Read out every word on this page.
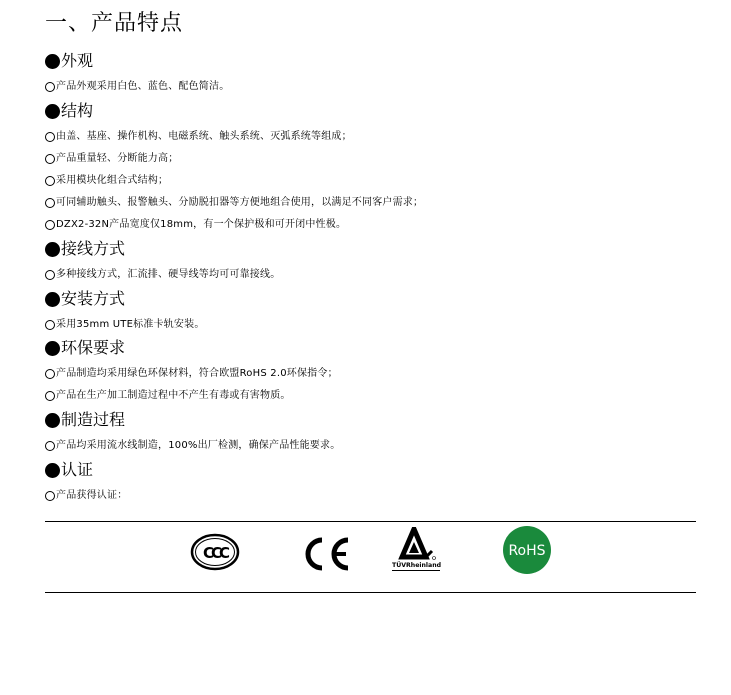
一、产品特点
外观
产品外观采用白色、蓝色、配色简洁。
结构
由盖、基座、操作机构、电磁系统、触头系统、灭弧系统等组成；
产品重量轻、分断能力高；
采用模块化组合式结构；
可同辅助触头、报警触头、分励脱扣器等方便地组合使用，以满足不同客户需求；
DZX2-32N产品宽度仅18mm，有一个保护极和可开闭中性极。
接线方式
多种接线方式，汇流排、硬导线等均可可靠接线。
安装方式
采用35mm UTE标准卡轨安装。
环保要求
产品制造均采用绿色环保材料，符合欧盟RoHS 2.0环保指令；
产品在生产加工制造过程中不产生有毒或有害物质。
制造过程
产品均采用流水线制造，100%出厂检测，确保产品性能要求。
认证
产品获得认证：
CCC
TÜVRheinland
RoHS
